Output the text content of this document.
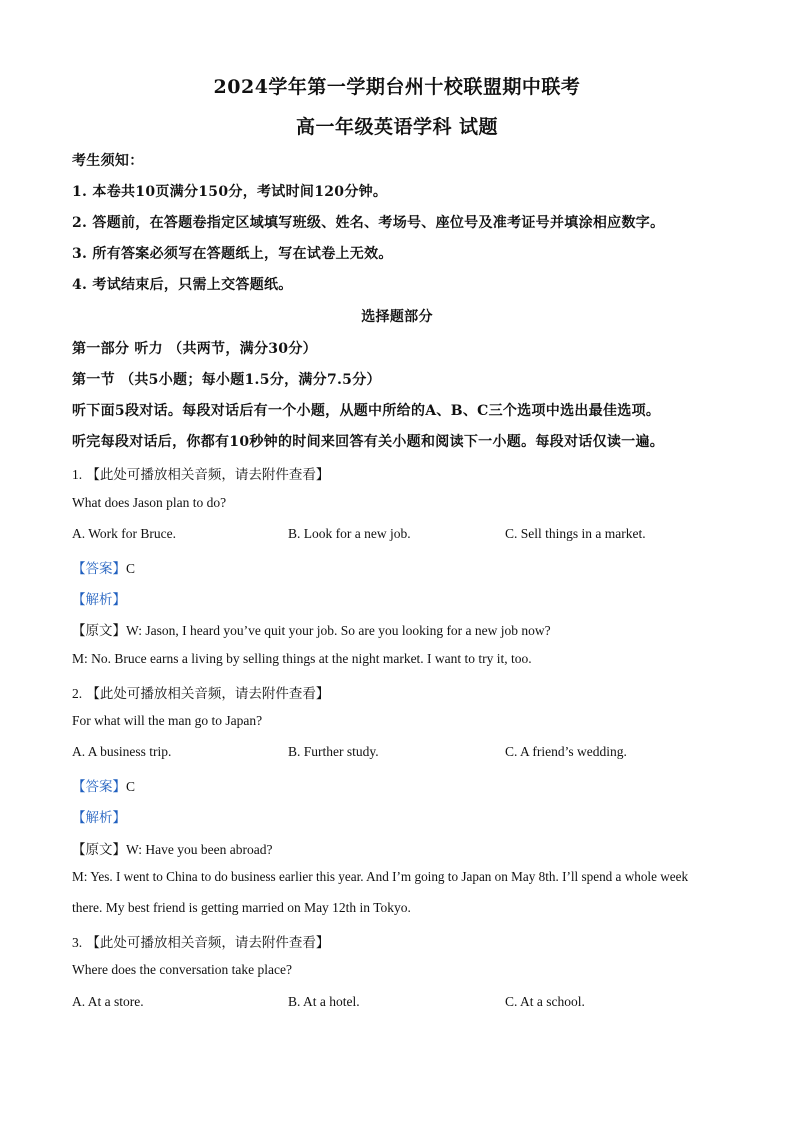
2024学年第一学期台州十校联盟期中联考
高一年级英语学科 试题
考生须知：
1. 本卷共10页满分150分，考试时间120分钟。
2. 答题前，在答题卷指定区域填写班级、姓名、考场号、座位号及准考证号并填涂相应数字。
3. 所有答案必须写在答题纸上，写在试卷上无效。
4. 考试结束后，只需上交答题纸。
选择题部分
第一部分 听力 （共两节，满分30分）
第一节 （共5小题；每小题1.5分，满分7.5分）
听下面5段对话。每段对话后有一个小题，从题中所给的A、B、C三个选项中选出最佳选项。
听完每段对话后，你都有10秒钟的时间来回答有关小题和阅读下一小题。每段对话仅读一遍。
1. 【此处可播放相关音频，请去附件查看】
What does Jason plan to do?
A. Work for Bruce.	B. Look for a new job.	C. Sell things in a market.
【答案】C
【解析】
【原文】W: Jason, I heard you’ve quit your job. So are you looking for a new job now?
M: No. Bruce earns a living by selling things at the night market. I want to try it, too.
2. 【此处可播放相关音频，请去附件查看】
For what will the man go to Japan?
A. A business trip.	B. Further study.	C. A friend’s wedding.
【答案】C
【解析】
【原文】W: Have you been abroad?
M: Yes. I went to China to do business earlier this year. And I’m going to Japan on May 8th. I’ll spend a whole week
there. My best friend is getting married on May 12th in Tokyo.
3. 【此处可播放相关音频，请去附件查看】
Where does the conversation take place?
A. At a store.	B. At a hotel.	C. At a school.
